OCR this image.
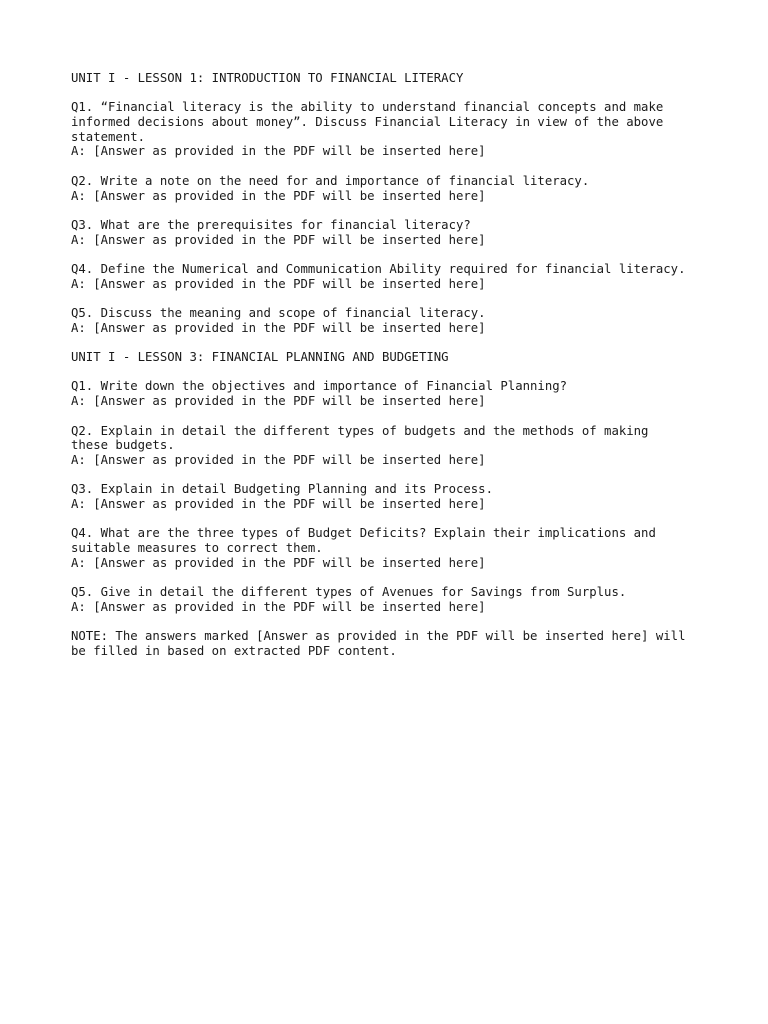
UNIT I - LESSON 1: INTRODUCTION TO FINANCIAL LITERACY

Q1. “Financial literacy is the ability to understand financial concepts and make

informed decisions about money”. Discuss Financial Literacy in view of the above

statement.

A: [Answer as provided in the PDF will be inserted here]

Q2. Write a note on the need for and importance of financial literacy.

A: [Answer as provided in the PDF will be inserted here]

Q3. What are the prerequisites for financial literacy?

A: [Answer as provided in the PDF will be inserted here]

Q4. Define the Numerical and Communication Ability required for financial literacy.

A: [Answer as provided in the PDF will be inserted here]

Q5. Discuss the meaning and scope of financial literacy.

A: [Answer as provided in the PDF will be inserted here]

UNIT I - LESSON 3: FINANCIAL PLANNING AND BUDGETING

Q1. Write down the objectives and importance of Financial Planning?

A: [Answer as provided in the PDF will be inserted here]

Q2. Explain in detail the different types of budgets and the methods of making

these budgets.

A: [Answer as provided in the PDF will be inserted here]

Q3. Explain in detail Budgeting Planning and its Process.

A: [Answer as provided in the PDF will be inserted here]

Q4. What are the three types of Budget Deficits? Explain their implications and

suitable measures to correct them.

A: [Answer as provided in the PDF will be inserted here]

Q5. Give in detail the different types of Avenues for Savings from Surplus.

A: [Answer as provided in the PDF will be inserted here]

NOTE: The answers marked [Answer as provided in the PDF will be inserted here] will

be filled in based on extracted PDF content.
